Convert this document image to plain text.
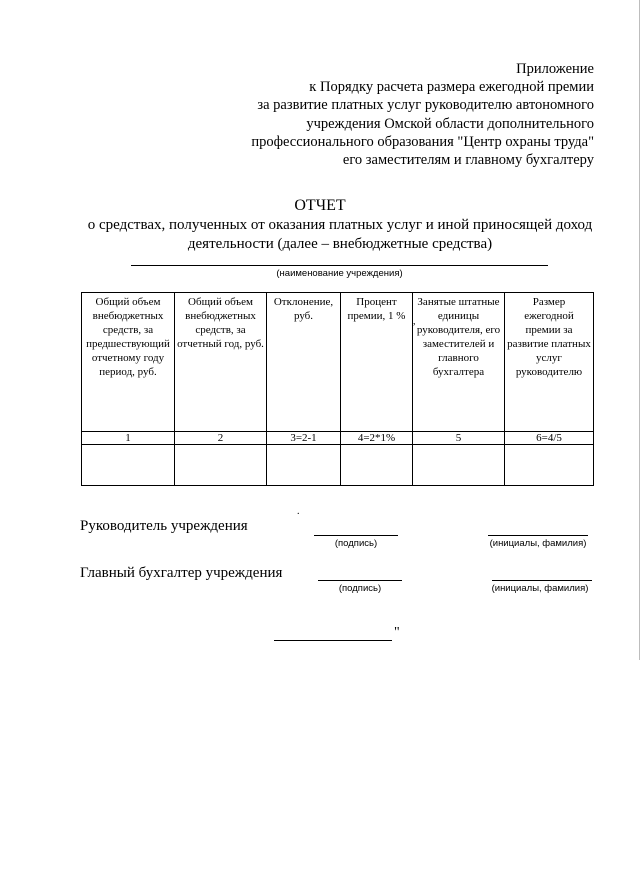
Приложение
к Порядку расчета размера ежегодной премии
за развитие платных услуг руководителю автономного
учреждения Омской области дополнительного
профессионального образования "Центр охраны труда"
его заместителям и главному бухгалтеру
ОТЧЕТ
о средствах, полученных от оказания платных услуг и иной приносящей доход
деятельности (далее – внебюджетные средства)
(наименование учреждения)
Общий объем внебюджетных средств, за предшествующий отчетному году период, руб.	Общий объем внебюджетных средств, за отчетный год, руб.	Отклонение, руб.	Процент премии, 1 %	Занятые штатные единицы руководителя, его заместителей и главного бухгалтера	Размер ежегодной премии за развитие платных услуг руководителю
1	2	3=2-1	4=2*1%	5	6=4/5

,
.
Руководитель учреждения
(подпись)	(инициалы, фамилия)
Главный бухгалтер учреждения
(подпись)	(инициалы, фамилия)
"
